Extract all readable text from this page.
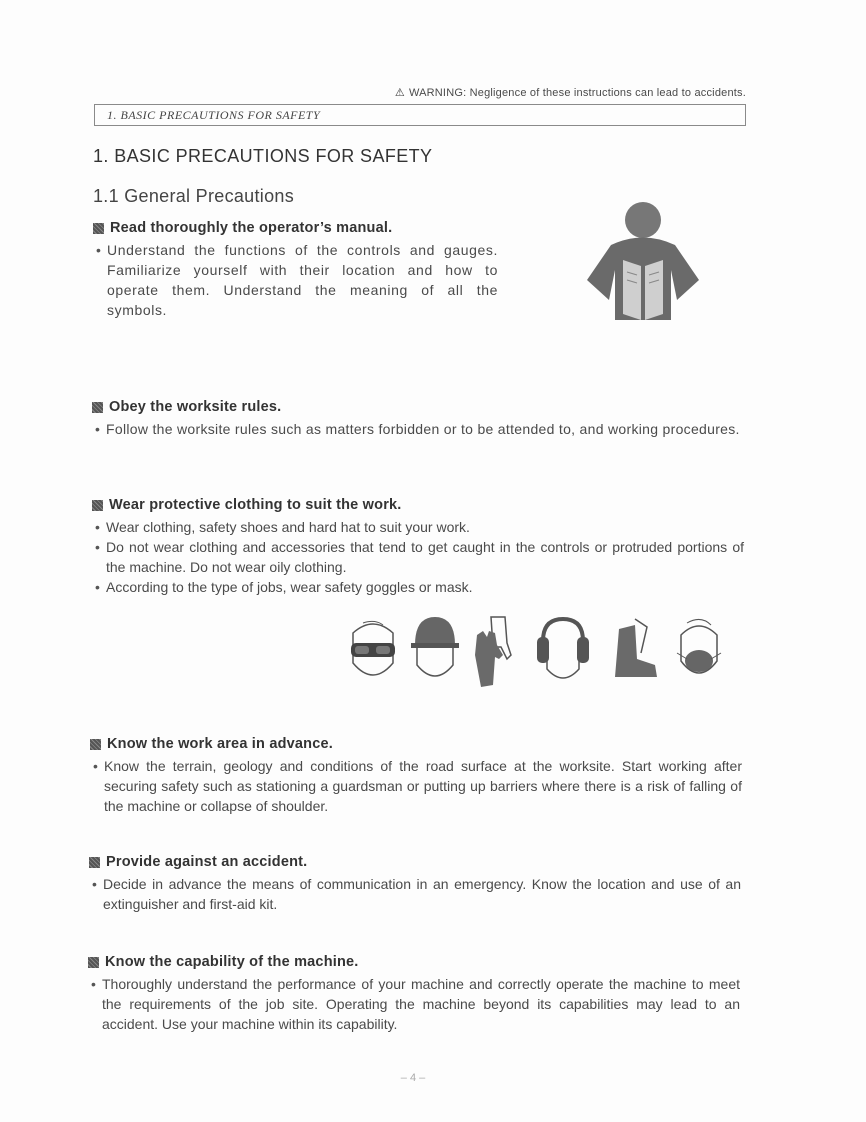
⚠ WARNING: Negligence of these instructions can lead to accidents.
1. BASIC PRECAUTIONS FOR SAFETY
1. BASIC PRECAUTIONS FOR SAFETY
1.1 General Precautions
Read thoroughly the operator’s manual.
• Understand the functions of the controls and gauges. Familiarize yourself with their location and how to operate them. Understand the meaning of all the symbols.
Obey the worksite rules.
• Follow the worksite rules such as matters forbidden or to be attended to, and working procedures.
Wear protective clothing to suit the work.
• Wear clothing, safety shoes and hard hat to suit your work.
• Do not wear clothing and accessories that tend to get caught in the controls or protruded portions of the machine. Do not wear oily clothing.
• According to the type of jobs, wear safety goggles or mask.
Know the work area in advance.
• Know the terrain, geology and conditions of the road surface at the worksite. Start working after securing safety such as stationing a guardsman or putting up barriers where there is a risk of falling of the machine or collapse of shoulder.
Provide against an accident.
• Decide in advance the means of communication in an emergency. Know the location and use of an extinguisher and first-aid kit.
Know the capability of the machine.
• Thoroughly understand the performance of your machine and correctly operate the machine to meet the requirements of the job site. Operating the machine beyond its capabilities may lead to an accident. Use your machine within its capability.
– 4 –
